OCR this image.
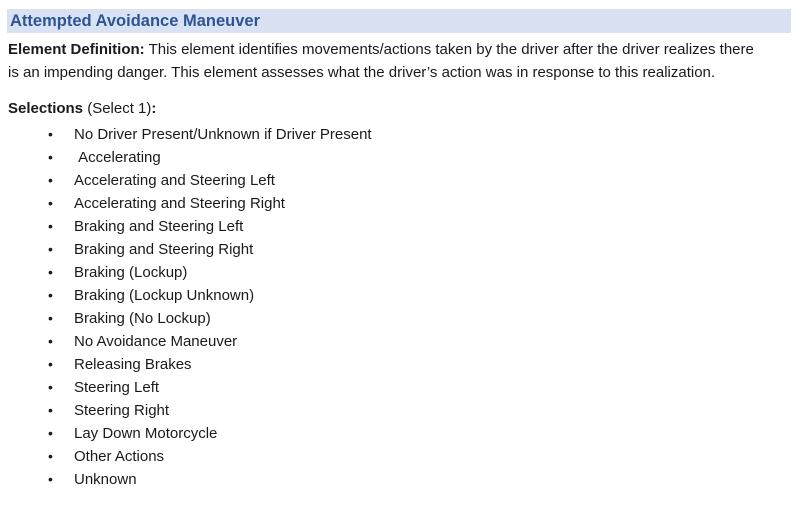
Attempted Avoidance Maneuver

Element Definition: This element identifies movements/actions taken by the driver after the driver realizes there is an impending danger. This element assesses what the driver’s action was in response to this realization.

Selections (Select 1):

•	No Driver Present/Unknown if Driver Present
•	Accelerating
•	Accelerating and Steering Left
•	Accelerating and Steering Right
•	Braking and Steering Left
•	Braking and Steering Right
•	Braking (Lockup)
•	Braking (Lockup Unknown)
•	Braking (No Lockup)
•	No Avoidance Maneuver
•	Releasing Brakes
•	Steering Left
•	Steering Right
•	Lay Down Motorcycle
•	Other Actions
•	Unknown
